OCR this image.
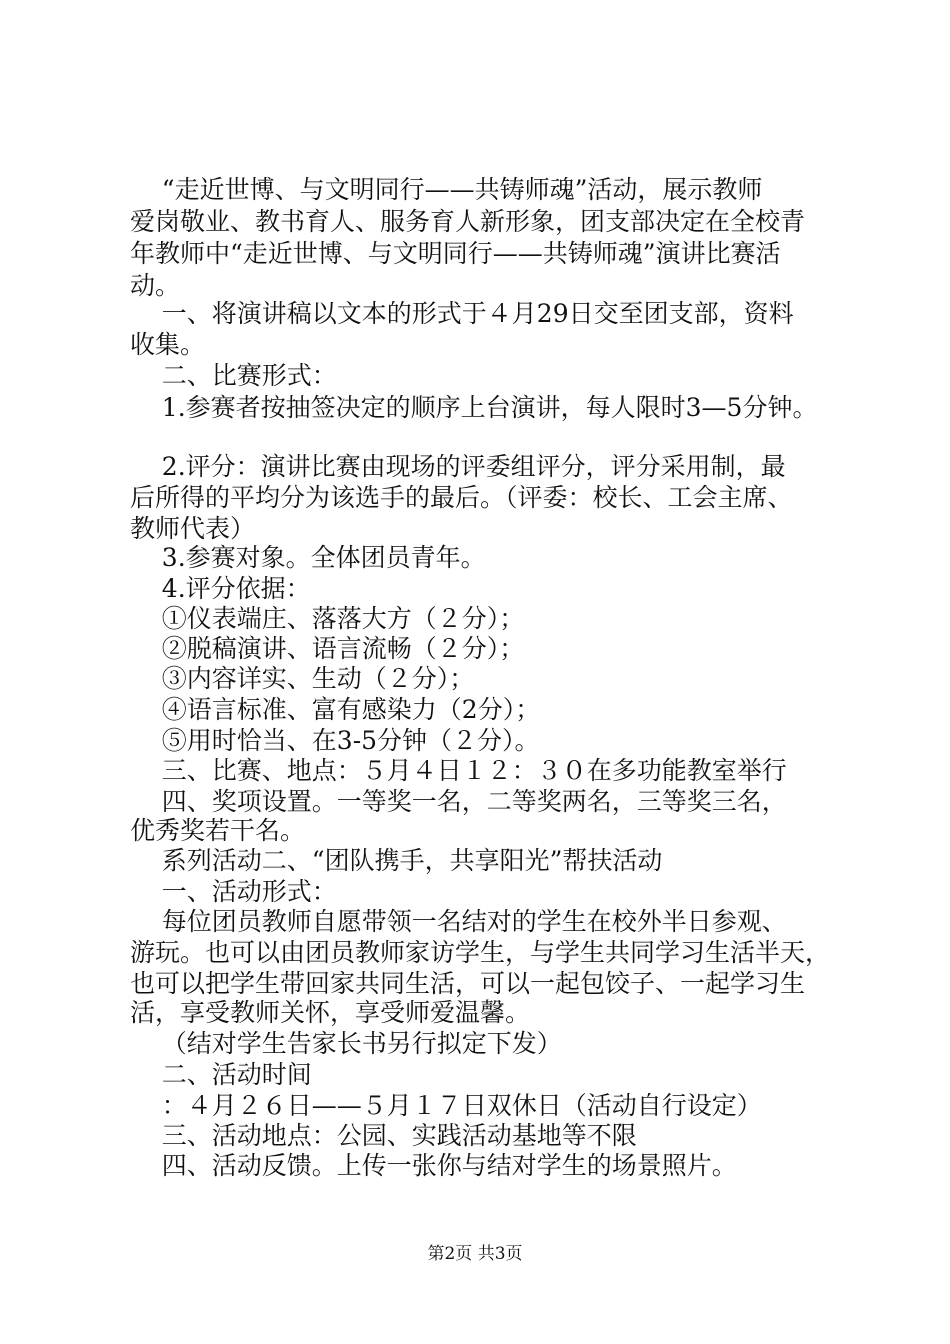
“走近世博、与文明同行——共铸师魂”活动，展示教师
爱岗敬业、教书育人、服务育人新形象，团支部决定在全校青
年教师中“走近世博、与文明同行——共铸师魂”演讲比赛活
动。
一、将演讲稿以文本的形式于４月29日交至团支部，资料
收集。
二、比赛形式：
1.参赛者按抽签决定的顺序上台演讲，每人限时3—5分钟。
2.评分：演讲比赛由现场的评委组评分，评分采用制，最
后所得的平均分为该选手的最后。（评委：校长、工会主席、
教师代表）
3.参赛对象。全体团员青年。
4.评分依据：
①仪表端庄、落落大方（２分）；
②脱稿演讲、语言流畅（２分）；
③内容详实、生动（２分）；
④语言标准、富有感染力（2分）；
⑤用时恰当、在3-5分钟（２分）。
三、比赛、地点：５月４日１２：３０在多功能教室举行
四、奖项设置。一等奖一名，二等奖两名，三等奖三名，
优秀奖若干名。
系列活动二、“团队携手，共享阳光”帮扶活动
一、活动形式：
每位团员教师自愿带领一名结对的学生在校外半日参观、
游玩。也可以由团员教师家访学生，与学生共同学习生活半天，
也可以把学生带回家共同生活，可以一起包饺子、一起学习生
活，享受教师关怀，享受师爱温馨。
（结对学生告家长书另行拟定下发）
二、活动时间
：４月２６日——５月１７日双休日（活动自行设定）
三、活动地点：公园、实践活动基地等不限
四、活动反馈。上传一张你与结对学生的场景照片。
第2页 共3页
